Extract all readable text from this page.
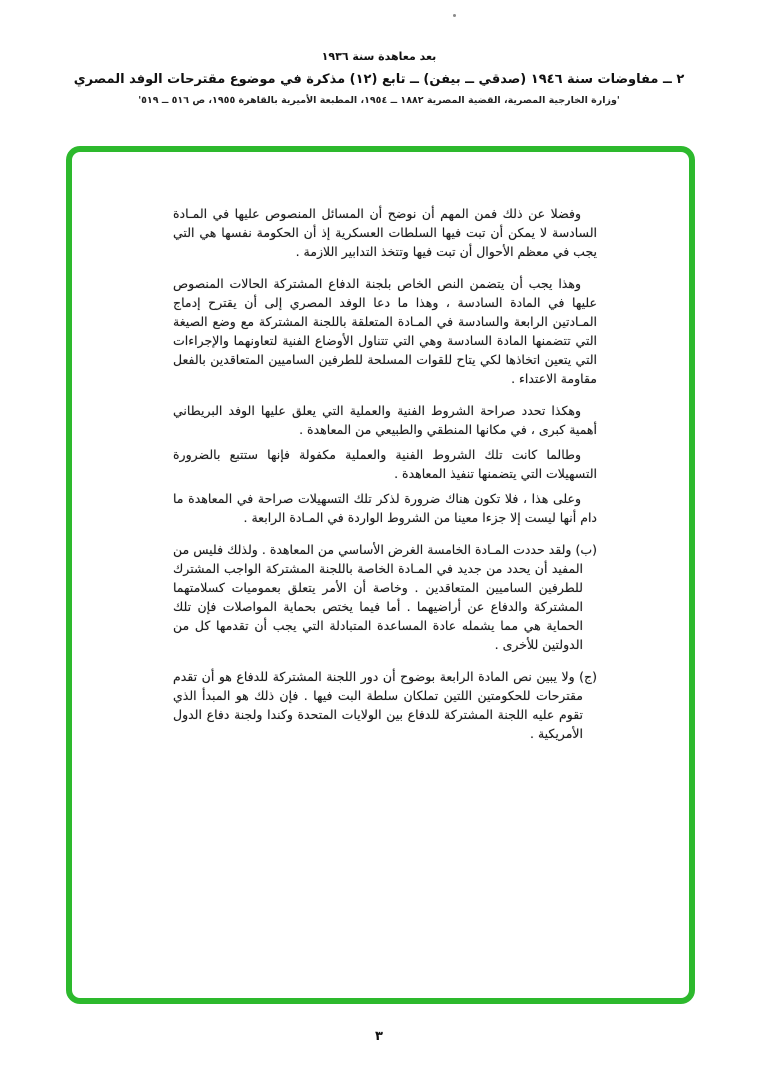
بعد معاهدة سنة ١٩٣٦
٢ ــ مفاوضات سنة ١٩٤٦ (صدقي ــ بيفن) ــ تابع (١٢) مذكرة في موضوع مقترحات الوفد المصري
'وزارة الخارجية المصرية، القضية المصرية ١٨٨٢ ــ ١٩٥٤، المطبعة الأميرية بالقاهرة ١٩٥٥، ص ٥١٦ ــ ٥١٩'

وفضلا عن ذلك فمن المهم أن نوضح أن المسائل المنصوص عليها في المـادة السادسة لا يمكن أن تبت فيها السلطات العسكرية إذ أن الحكومة نفسها هي التي يجب في معظم الأحوال أن تبت فيها وتتخذ التدابير اللازمة .

وهذا يجب أن يتضمن النص الخاص بلجنة الدفاع المشتركة الحالات المنصوص عليها في المادة السادسة ، وهذا ما دعا الوفد المصري إلى أن يقترح إدماج المـادتين الرابعة والسادسة في المـادة المتعلقة باللجنة المشتركة مع وضع الصيغة التي تتضمنها المادة السادسة وهي التي تتناول الأوضاع الفنية لتعاونهما والإجراءات التي يتعين اتخاذها لكي يتاح للقوات المسلحة للطرفين الساميين المتعاقدين بالفعل مقاومة الاعتداء .

وهكذا تحدد صراحة الشروط الفنية والعملية التي يعلق عليها الوفد البريطاني أهمية كبرى ، في مكانها المنطقي والطبيعي من المعاهدة .

وطالما كانت تلك الشروط الفنية والعملية مكفولة فإنها ستتبع بالضرورة التسهيلات التي يتضمنها تنفيذ المعاهدة .

وعلى هذا ، فلا تكون هناك ضرورة لذكر تلك التسهيلات صراحة في المعاهدة ما دام أنها ليست إلا جزءا معينا من الشروط الواردة في المـادة الرابعة .

(ب) ولقد حددت المـادة الخامسة الغرض الأساسي من المعاهدة . ولذلك فليس من المفيد أن يحدد من جديد في المـادة الخاصة باللجنة المشتركة الواجب المشترك للطرفين الساميين المتعاقدين . وخاصة أن الأمر يتعلق بعموميات كسلامتهما المشتركة والدفاع عن أراضيهما . أما فيما يختص بحماية المواصلات فإن تلك الحماية هي مما يشمله عادة المساعدة المتبادلة التي يجب أن تقدمها كل من الدولتين للأخرى .

(ج) ولا يبين نص المادة الرابعة بوضوح أن دور اللجنة المشتركة للدفاع هو أن تقدم مقترحات للحكومتين اللتين تملكان سلطة البت فيها . فإن ذلك هو المبدأ الذي تقوم عليه اللجنة المشتركة للدفاع بين الولايات المتحدة وكندا ولجنة دفاع الدول الأمريكية .

٣
